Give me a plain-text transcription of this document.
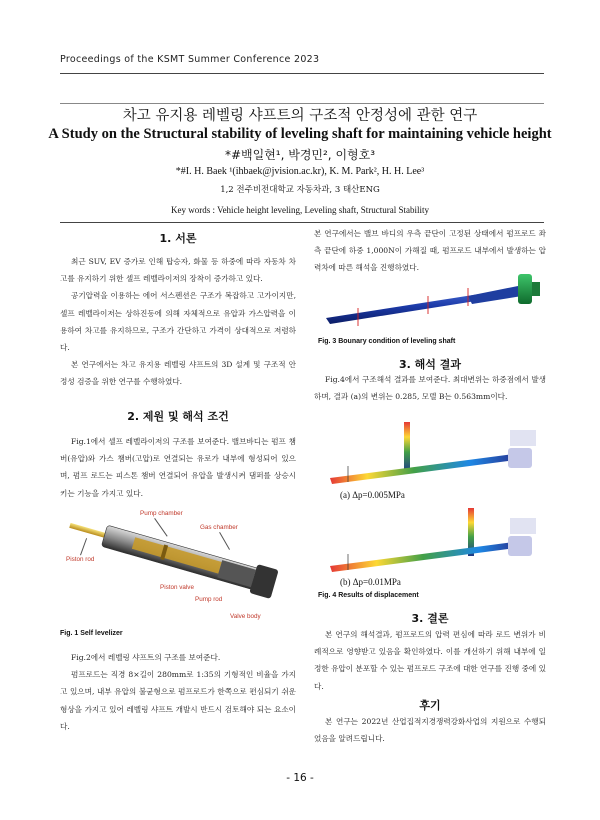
Proceedings of the KSMT Summer Conference 2023
차고 유지용 레벨링 샤프트의 구조적 안정성에 관한 연구
A Study on the Structural stability of leveling shaft for maintaining vehicle height
*#백일현¹, 박경민², 이형호³
*#I. H. Baek ¹(ihbaek@jvision.ac.kr), K. M. Park², H. H. Lee³
1,2 전주비전대학교 자동차과, 3 태산ENG
Key words : Vehicle height leveling, Leveling shaft, Structural Stability
1. 서론

최근 SUV, EV 증가로 인해 탑승자, 화물 등 하중에 따라 자동차 차고를 유지하기 위한 셀프 레벨라이저의 장착이 증가하고 있다.

공기압력을 이용하는 에어 서스펜션은 구조가 복잡하고 고가이지만, 셀프 레벨라이저는 상하진동에 의해 자체적으로 유압과 가스압력을 이용하여 차고를 유지하므로, 구조가 간단하고 가격이 상대적으로 저렴하다.

본 연구에서는 차고 유지용 레벨링 샤프트의 3D 설계 및 구조적 안정성 검증을 위한 연구를 수행하였다.

2. 제원 및 해석 조건

Fig.1에서 셀프 레벨라이저의 구조를 보여준다. 밸브바디는 펌프 챔버(유압)와 가스 챔버(고압)로 연결되는 유로가 내부에 형성되어 있으며, 펌프 로드는 피스톤 챔버 연결되어 유압을 발생시켜 댐퍼를 상승시키는 기능을 가지고 있다.

Pump chamber
Gas chamber
Piston rod
Piston valve
Pump rod
Valve body
Fig. 1 Self levelizer

Fig.2에서 레벨링 샤프트의 구조를 보여준다.

펌프로드는 직경 8×길이 280mm로 1:35의 기형적인 비율을 가지고 있으며, 내부 유압의 불균형으로 펌프로드가 한쪽으로 편심되기 쉬운 형상을 가지고 있어 레벨링 샤프트 개발시 반드시 검토해야 되는 요소이다.

본 연구에서는 밸브 바디의 우측 끝단이 고정된 상태에서 펌프로드 좌측 끝단에 하중 1,000N이 가해질 때, 펌프로드 내부에서 발생하는 압력차에 따른 해석을 진행하였다.

Fig. 3 Bounary condition of leveling shaft
3. 해석 결과

Fig.4에서 구조해석 결과를 보여준다. 최대변위는 하중점에서 발생하며, 결과 (a)의 변위는 0.285, 모델 B는 0.563mm이다.

(a) Δp=0.005MPa
(b) Δp=0.01MPa
Fig. 4 Results of displacement
3. 결론

본 연구의 해석결과, 펌프로드의 압력 편심에 따라 로드 변위가 비례적으로 영향받고 있음을 확인하였다. 이를 개선하기 위해 내부에 일정한 유압이 분포할 수 있는 펌프로드 구조에 대한 연구를 진행 중에 있다.

후기

본 연구는 2022년 산업집적지경쟁력강화사업의 지원으로 수행되었음을 알려드립니다.

- 16 -
